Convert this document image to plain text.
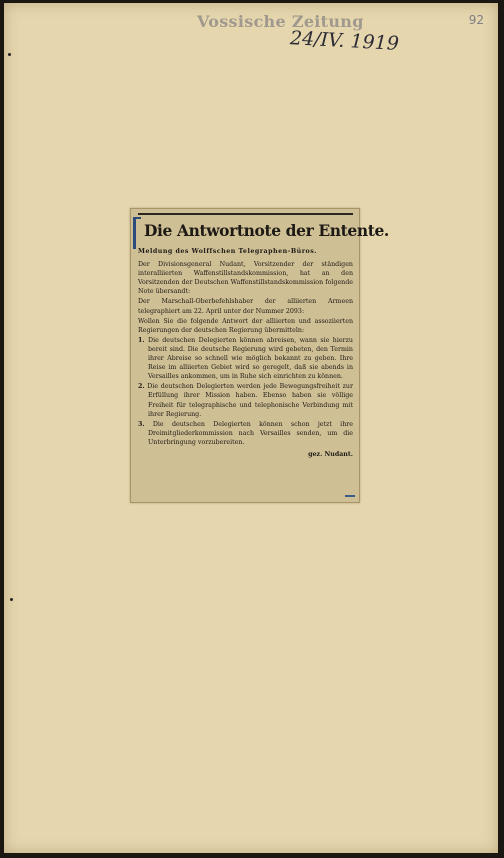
Vossische Zeitung
24/IV. 1919
92
Die Antwortnote der Entente.

Meldung des Wolffschen Telegraphen-Büros.

Der Divisionsgeneral Nudant, Vorsitzender der ständigen interalliierten Waffenstillstandskommission, hat an den Vorsitzenden der Deutschen Waffenstillstandskommission folgende Note übersandt:

Der Marschall-Oberbefehlshaber der alliierten Armeen telegraphiert am 22. April unter der Nummer 2093:

Wollen Sie die folgende Antwort der alliierten und assoziierten Regierungen der deutschen Regierung übermitteln:

1. Die deutschen Delegierten können abreisen, wann sie hierzu bereit sind. Die deutsche Regierung wird gebeten, den Termin ihrer Abreise so schnell wie möglich bekannt zu geben. Ihre Reise im alliierten Gebiet wird so geregelt, daß sie abends in Versailles ankommen, um in Ruhe sich einrichten zu können.

2. Die deutschen Delegierten werden jede Bewegungsfreiheit zur Erfüllung ihrer Mission haben. Ebenso haben sie völlige Freiheit für telegraphische und telephonische Verbindung mit ihrer Regierung.

3. Die deutschen Delegierten können schon jetzt ihre Dreimitgliederkommission nach Versailles senden, um die Unterbringung vorzubereiten.

gez. Nudant.
